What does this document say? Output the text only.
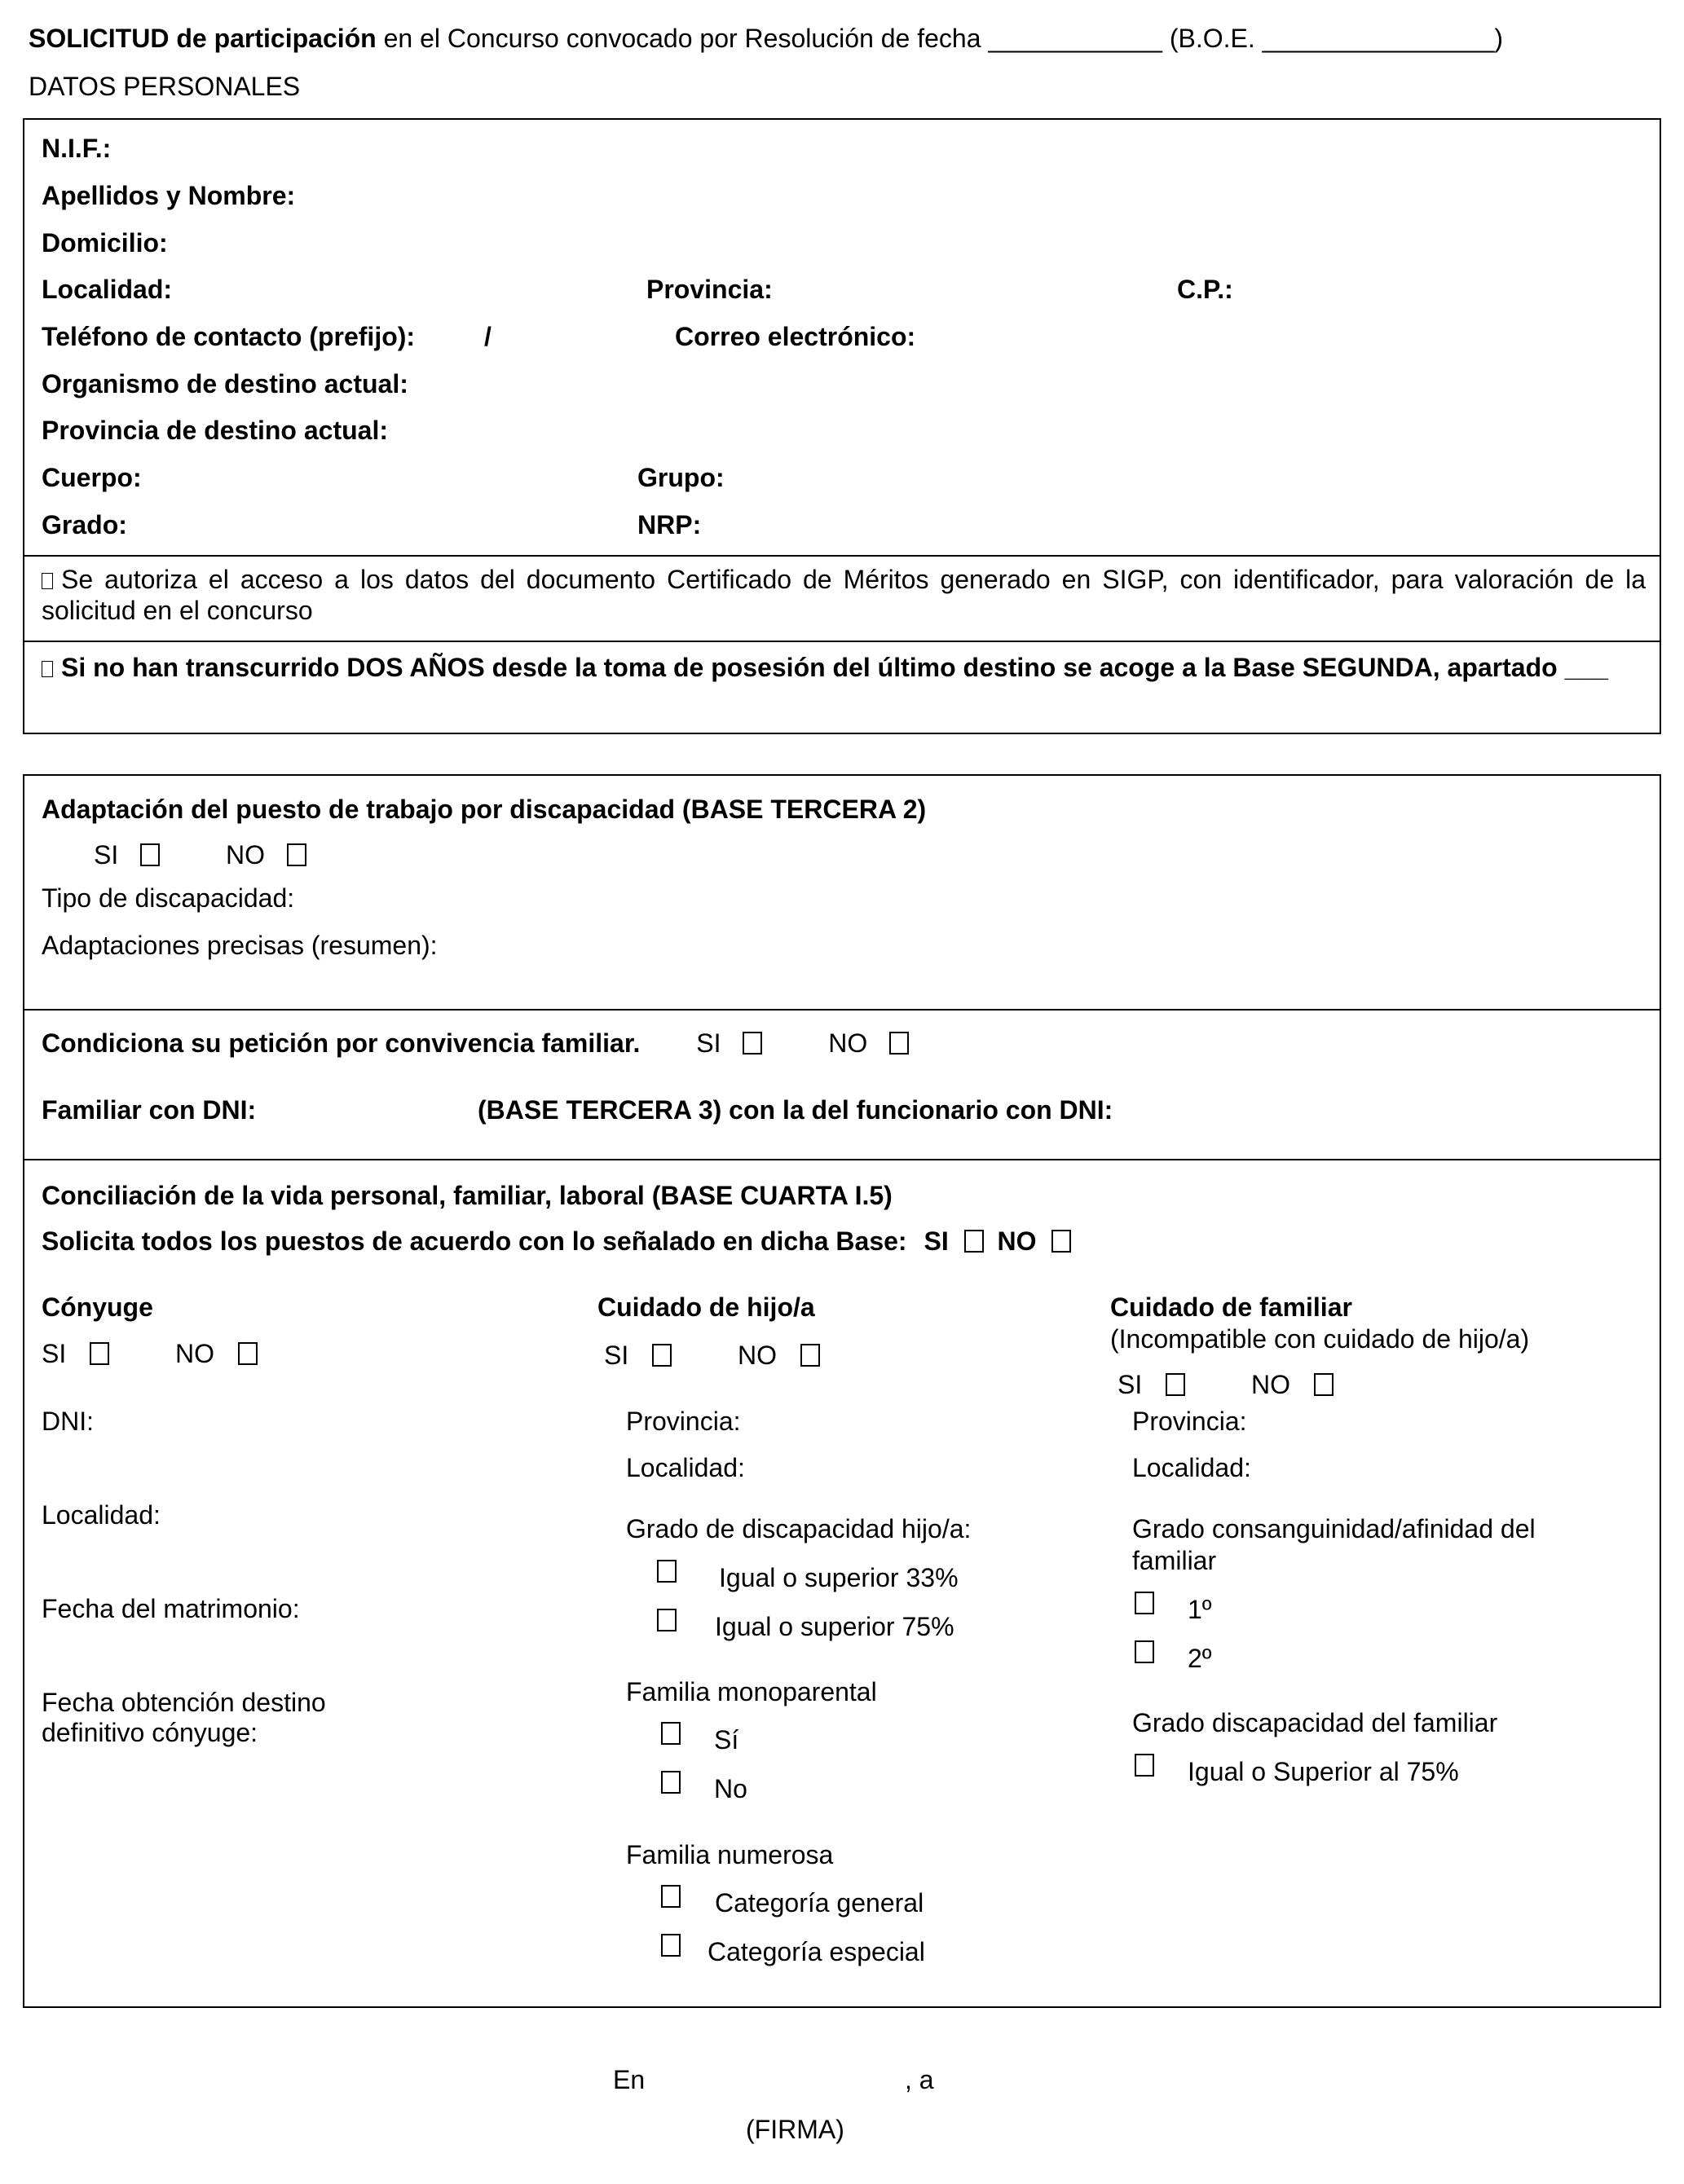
SOLICITUD de participación en el Concurso convocado por Resolución de fecha ____________ (B.O.E. ________________)
DATOS PERSONALES
N.I.F.:
Apellidos y Nombre:
Domicilio:
Localidad:	Provincia:	C.P.:
Teléfono de contacto (prefijo):	/	Correo electrónico:
Organismo de destino actual:
Provincia de destino actual:
Cuerpo:	Grupo:
Grado:	NRP:
Se autoriza el acceso a los datos del documento Certificado de Méritos generado en SIGP, con identificador, para valoración de la solicitud en el concurso
Si no han transcurrido DOS AÑOS desde la toma de posesión del último destino se acoge a la Base SEGUNDA, apartado ___
Adaptación del puesto de trabajo por discapacidad (BASE TERCERA 2)
SI	NO
Tipo de discapacidad:
Adaptaciones precisas (resumen):
Condiciona su petición por convivencia familiar. SI	NO
Familiar con DNI:	(BASE TERCERA 3) con la del funcionario con DNI:
Conciliación de la vida personal, familiar, laboral (BASE CUARTA I.5)
Solicita todos los puestos de acuerdo con lo señalado en dicha Base: SI NO
Cónyuge
SI	NO
DNI:
Localidad:
Fecha del matrimonio:
Fecha obtención destino
definitivo cónyuge:
Cuidado de hijo/a
SI	NO
Provincia:
Localidad:
Grado de discapacidad hijo/a:
Igual o superior 33%
Igual o superior 75%
Familia monoparental
Sí
No
Familia numerosa
Categoría general
Categoría especial
Cuidado de familiar
(Incompatible con cuidado de hijo/a)
SI	NO
Provincia:
Localidad:
Grado consanguinidad/afinidad del
familiar
1º
2º
Grado discapacidad del familiar
Igual o Superior al 75%
En	, a
(FIRMA)
